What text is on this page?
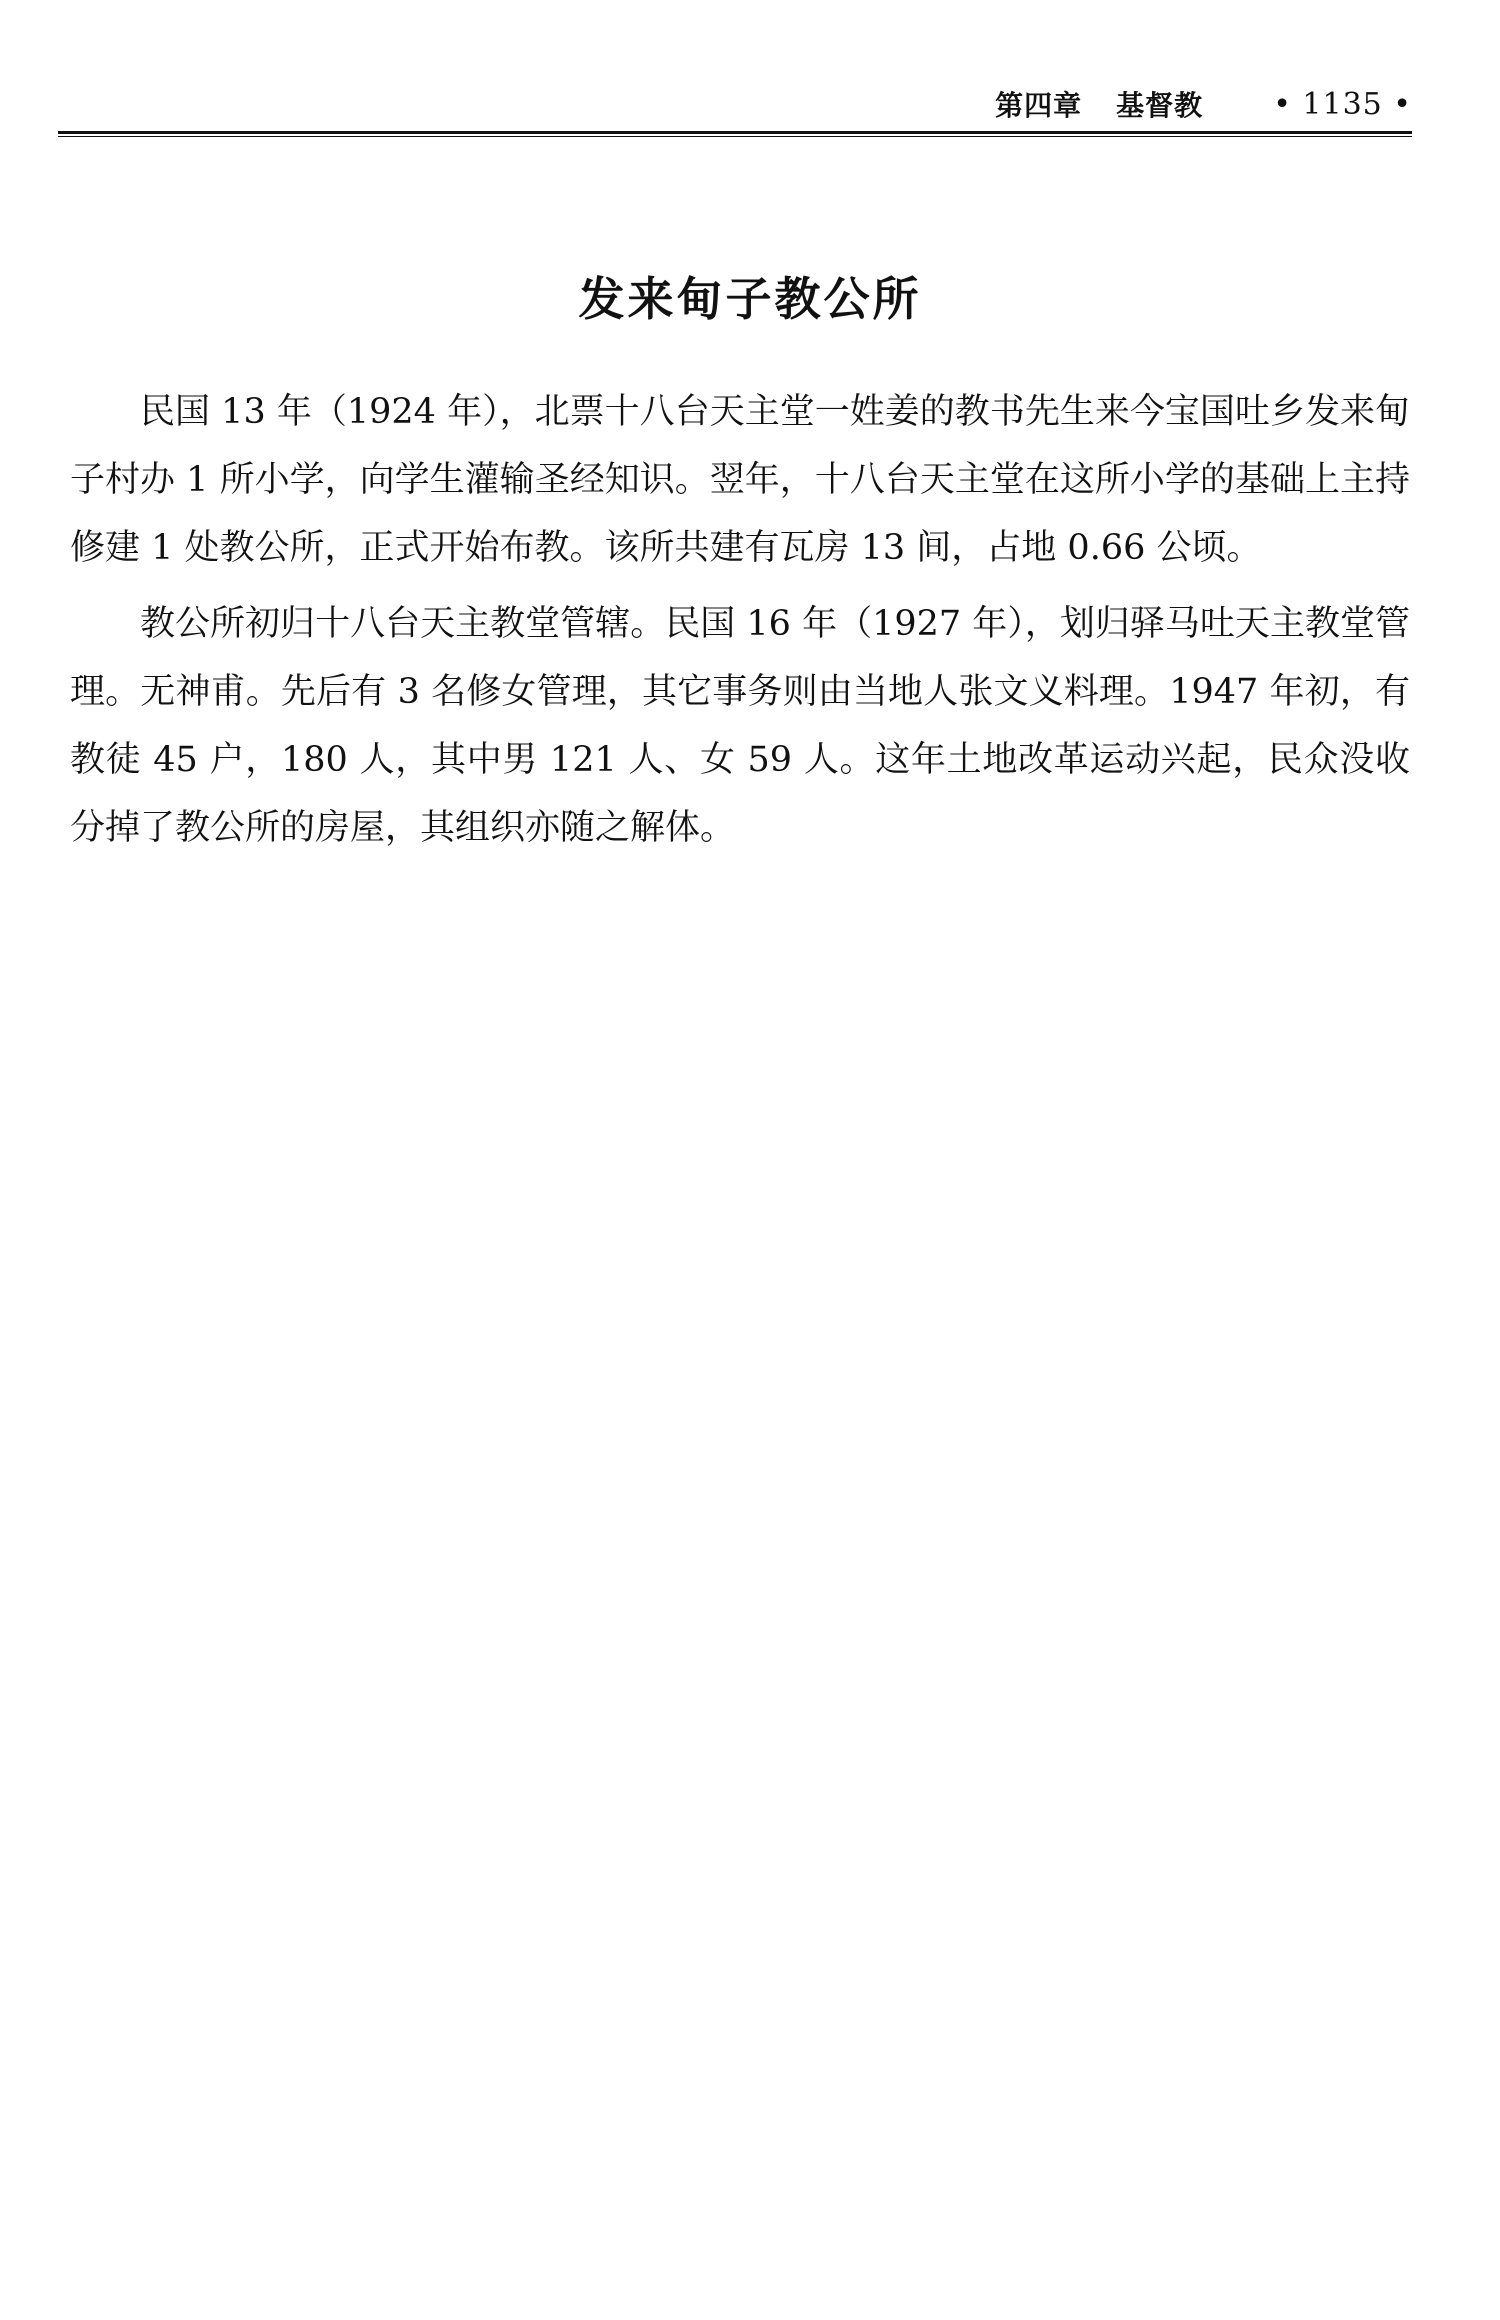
第四章 基督教 • 1135 •
发来甸子教公所

民国 13 年（1924 年），北票十八台天主堂一姓姜的教书先生来今宝国吐乡发来甸子村办 1 所小学，向学生灌输圣经知识。翌年，十八台天主堂在这所小学的基础上主持修建 1 处教公所，正式开始布教。该所共建有瓦房 13 间，占地 0.66 公顷。

教公所初归十八台天主教堂管辖。民国 16 年（1927 年），划归驿马吐天主教堂管理。无神甫。先后有 3 名修女管理，其它事务则由当地人张文义料理。1947 年初，有教徒 45 户，180 人，其中男 121 人、女 59 人。这年土地改革运动兴起，民众没收分掉了教公所的房屋，其组织亦随之解体。
